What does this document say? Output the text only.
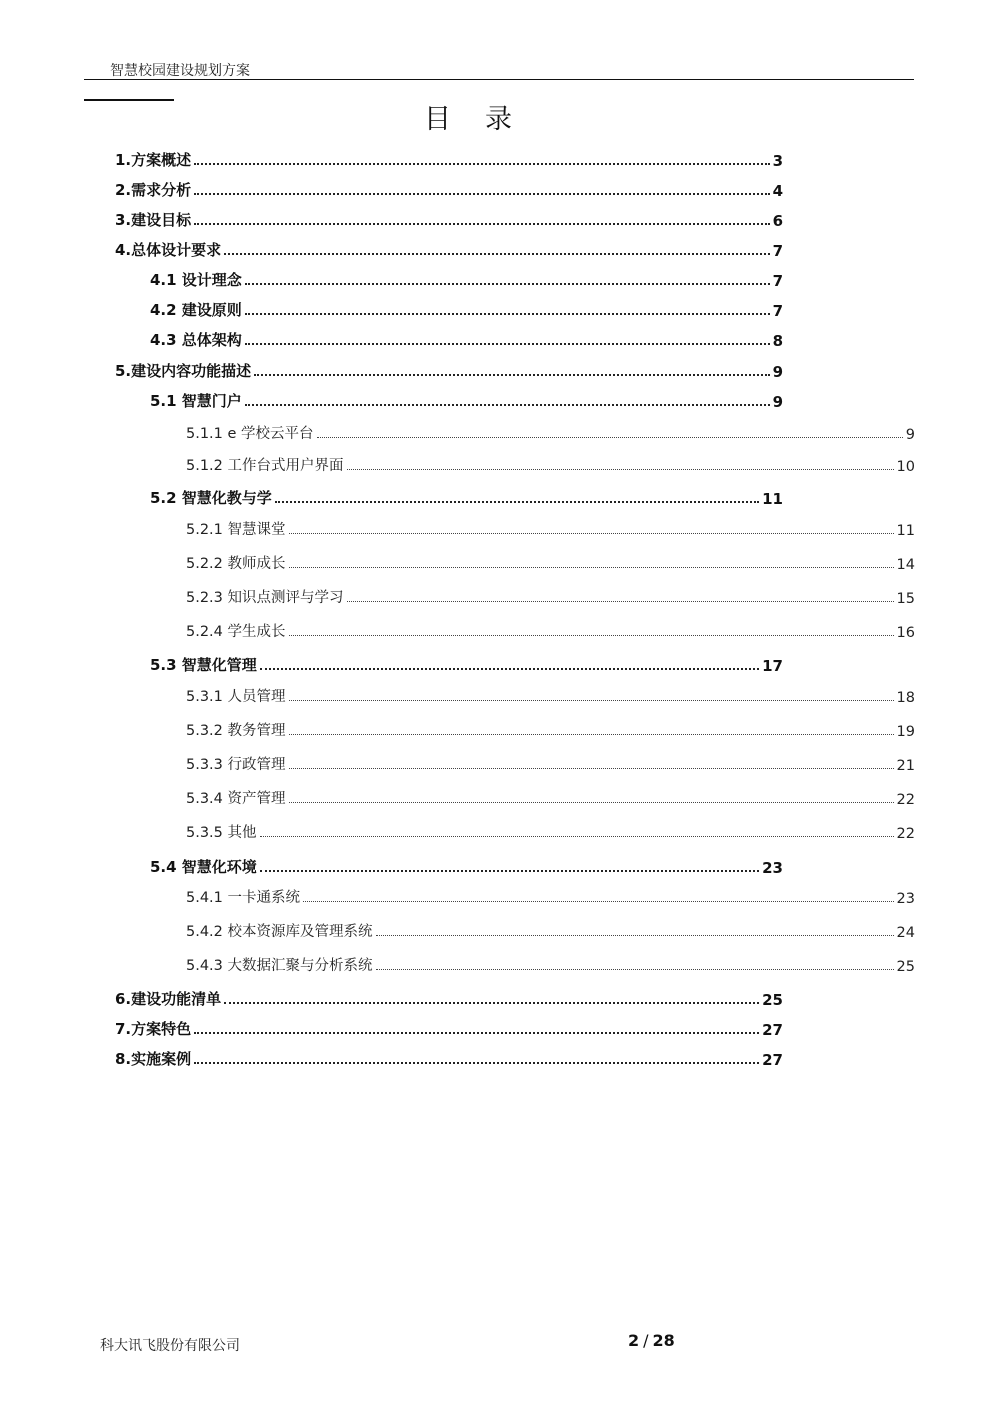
智慧校园建设规划方案
目录
1.方案概述	3
2.需求分析	4
3.建设目标	6
4.总体设计要求	7
4.1 设计理念	7
4.2 建设原则	7
4.3 总体架构	8
5.建设内容功能描述	9
5.1 智慧门户	9
5.1.1 e 学校云平台	9
5.1.2 工作台式用户界面	10
5.2 智慧化教与学	11
5.2.1 智慧课堂	11
5.2.2 教师成长	14
5.2.3 知识点测评与学习	15
5.2.4 学生成长	16
5.3 智慧化管理	17
5.3.1 人员管理	18
5.3.2 教务管理	19
5.3.3 行政管理	21
5.3.4 资产管理	22
5.3.5 其他	22
5.4 智慧化环境	23
5.4.1 一卡通系统	23
5.4.2 校本资源库及管理系统	24
5.4.3 大数据汇聚与分析系统	25
6.建设功能清单	25
7.方案特色	27
8.实施案例	27
科大讯飞股份有限公司	2 / 28
